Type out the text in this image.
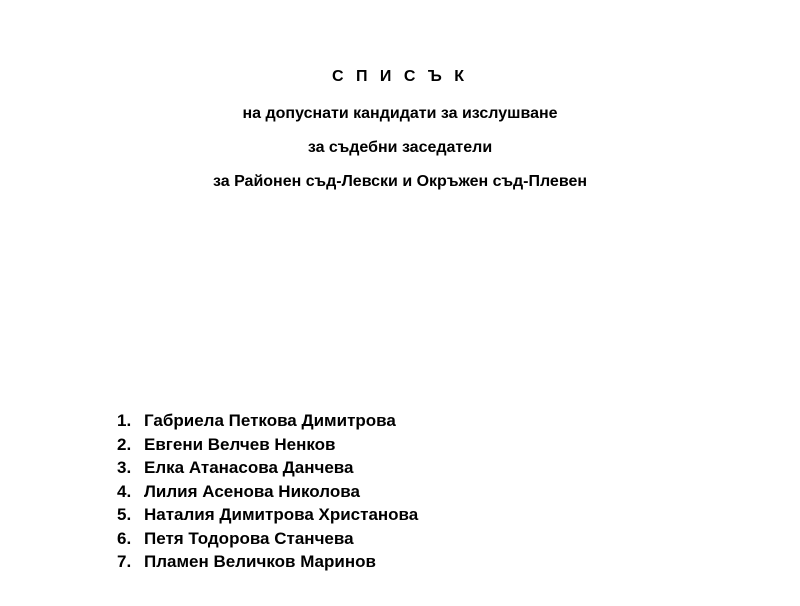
С П И С Ъ К
на допуснати кандидати за изслушване
за съдебни заседатели
за Районен съд-Левски и Окръжен съд-Плевен
1. Габриела Петкова Димитрова
2. Евгени Велчев Ненков
3. Елка Атанасова Данчева
4. Лилия Асенова Николова
5. Наталия Димитрова Христанова
6. Петя Тодорова Станчева
7. Пламен Величков Маринов
